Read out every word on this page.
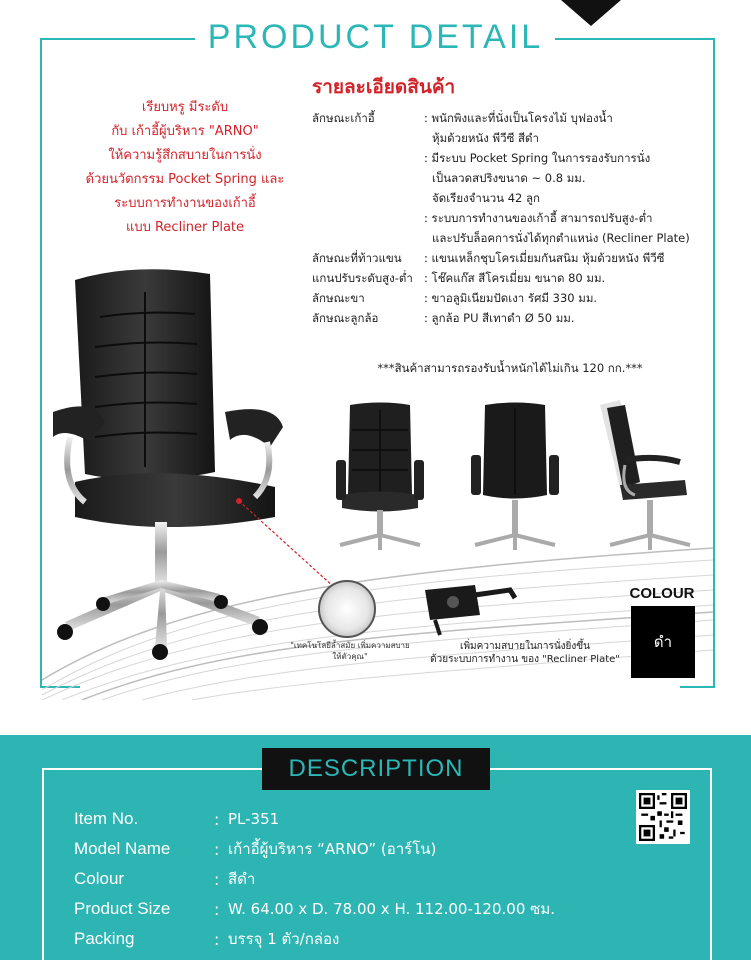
PRODUCT DETAIL
เรียบหรู มีระดับ
กับ เก้าอี้ผู้บริหาร "ARNO"
ให้ความรู้สึกสบายในการนั่ง
ด้วยนวัตกรรม Pocket Spring และ
ระบบการทำงานของเก้าอี้
แบบ Recliner Plate
รายละเอียดสินค้า
ลักษณะเก้าอี้	: พนักพิงและที่นั่งเป็นโครงไม้ บุฟองน้ำ
หุ้มด้วยหนัง พีวีซี สีดำ
: มีระบบ Pocket Spring ในการรองรับการนั่ง
เป็นลวดสปริงขนาด ~ 0.8 มม.
จัดเรียงจำนวน 42 ลูก
: ระบบการทำงานของเก้าอี้ สามารถปรับสูง-ต่ำ
และปรับล็อคการนั่งได้ทุกตำแหน่ง (Recliner Plate)
ลักษณะที่ท้าวแขน	: แขนเหล็กชุบโครเมี่ยมกันสนิม หุ้มด้วยหนัง พีวีซี
แกนปรับระดับสูง-ต่ำ : โช๊คแก๊ส สีโครเมี่ยม ขนาด 80 มม.
ลักษณะขา	: ขาอลูมิเนียมปัดเงา รัศมี 330 มม.
ลักษณะลูกล้อ	: ลูกล้อ PU สีเทาดำ Ø 50 มม.
***สินค้าสามารถรองรับน้ำหนักได้ไม่เกิน 120 กก.***
"เทคโนโลยีล้ำสมัย เพิ่มความสบายให้ตัวคุณ"
เพิ่มความสบายในการนั่งยิ่งขึ้น
ด้วยระบบการทำงาน ของ "Recliner Plate"
COLOUR
ดำ
DESCRIPTION
Item No.	: PL-351
Model Name	: เก้าอี้ผู้บริหาร “ARNO” (อาร์โน)
Colour	: สีดำ
Product Size	: W. 64.00 x D. 78.00 x H. 112.00-120.00 ซม.
Packing	: บรรจุ 1 ตัว/กล่อง
